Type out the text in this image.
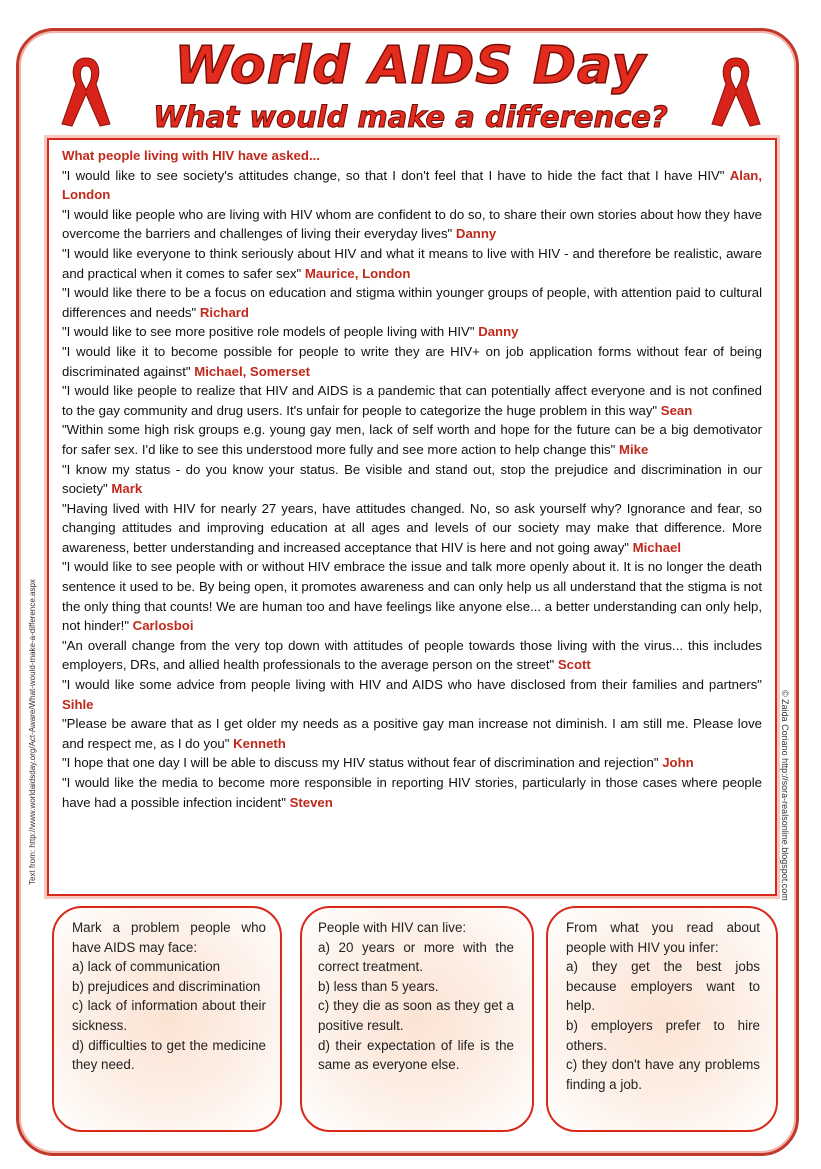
World AIDS Day
What would make a difference?
What people living with HIV have asked...

"I would like to see society's attitudes change, so that I don't feel that I have to hide the fact that I have HIV" Alan, London

"I would like people who are living with HIV whom are confident to do so, to share their own stories about how they have overcome the barriers and challenges of living their everyday lives" Danny

"I would like everyone to think seriously about HIV and what it means to live with HIV - and therefore be realistic, aware and practical when it comes to safer sex" Maurice, London

"I would like there to be a focus on education and stigma within younger groups of people, with attention paid to cultural differences and needs" Richard

"I would like to see more positive role models of people living with HIV" Danny

"I would like it to become possible for people to write they are HIV+ on job application forms without fear of being discriminated against" Michael, Somerset

"I would like people to realize that HIV and AIDS is a pandemic that can potentially affect everyone and is not confined to the gay community and drug users. It's unfair for people to categorize the huge problem in this way" Sean

"Within some high risk groups e.g. young gay men, lack of self worth and hope for the future can be a big demotivator for safer sex. I'd like to see this understood more fully and see more action to help change this" Mike

"I know my status - do you know your status. Be visible and stand out, stop the prejudice and discrimination in our society" Mark

"Having lived with HIV for nearly 27 years, have attitudes changed. No, so ask yourself why? Ignorance and fear, so changing attitudes and improving education at all ages and levels of our society may make that difference. More awareness, better understanding and increased acceptance that HIV is here and not going away" Michael

"I would like to see people with or without HIV embrace the issue and talk more openly about it. It is no longer the death sentence it used to be. By being open, it promotes awareness and can only help us all understand that the stigma is not the only thing that counts! We are human too and have feelings like anyone else... a better understanding can only help, not hinder!" Carlosboi

"An overall change from the very top down with attitudes of people towards those living with the virus... this includes employers, DRs, and allied health professionals to the average person on the street" Scott

"I would like some advice from people living with HIV and AIDS who have disclosed from their families and partners" Sihle

"Please be aware that as I get older my needs as a positive gay man increase not diminish. I am still me. Please love and respect me, as I do you" Kenneth

"I hope that one day I will be able to discuss my HIV status without fear of discrimination and rejection" John

"I would like the media to become more responsible in reporting HIV stories, particularly in those cases where people have had a possible infection incident" Steven

Text from: http://www.worldaidsday.org/Act-Aware/What-would-make-a-difference.aspx	© Zaida Coriano http://sora-realsonline.blogspot.com

Mark a problem people who have AIDS may face:

a) lack of communication

b) prejudices and discrimination

c) lack of information about their sickness.

d) difficulties to get the medicine they need.

People with HIV can live:

a) 20 years or more with the correct treatment.

b) less than 5 years.

c) they die as soon as they get a positive result.

d) their expectation of life is the same as everyone else.

From what you read about people with HIV you infer:

a) they get the best jobs because employers want to help.

b) employers prefer to hire others.

c) they don't have any problems finding a job.
